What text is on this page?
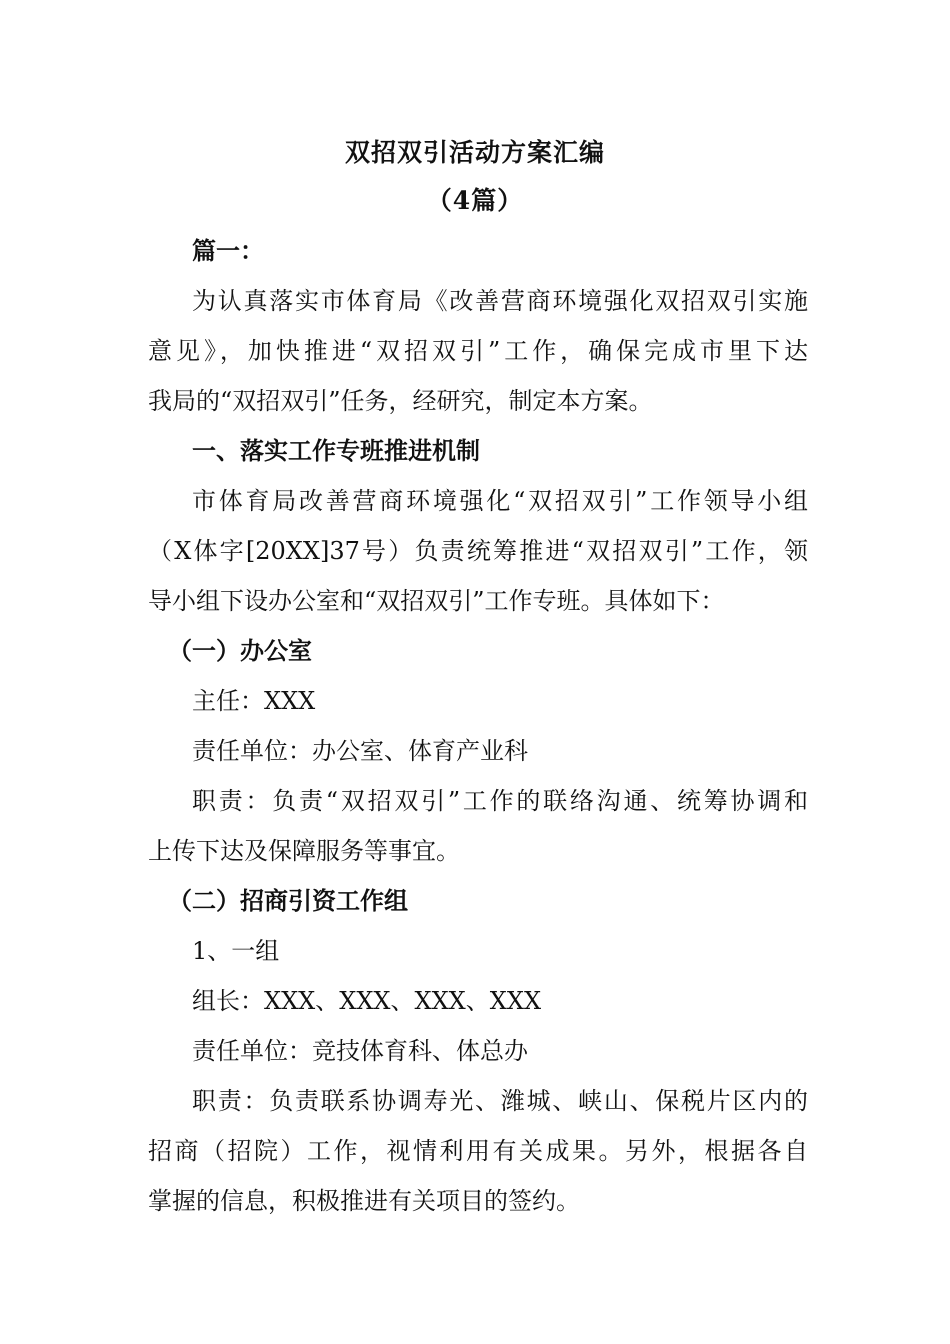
双招双引活动方案汇编
（4篇）
篇一：
为认真落实市体育局《改善营商环境强化双招双引实施
意见》，加快推进“双招双引”工作，确保完成市里下达
我局的“双招双引”任务，经研究，制定本方案。
一、落实工作专班推进机制
市体育局改善营商环境强化“双招双引”工作领导小组
（X体字[20XX]37号）负责统筹推进“双招双引”工作，领
导小组下设办公室和“双招双引”工作专班。具体如下：
（一）办公室
主任：XXX
责任单位：办公室、体育产业科
职责：负责“双招双引”工作的联络沟通、统筹协调和
上传下达及保障服务等事宜。
（二）招商引资工作组
1、一组
组长：XXX、XXX、XXX、XXX
责任单位：竞技体育科、体总办
职责：负责联系协调寿光、潍城、峡山、保税片区内的
招商（招院）工作，视情利用有关成果。另外，根据各自
掌握的信息，积极推进有关项目的签约。
